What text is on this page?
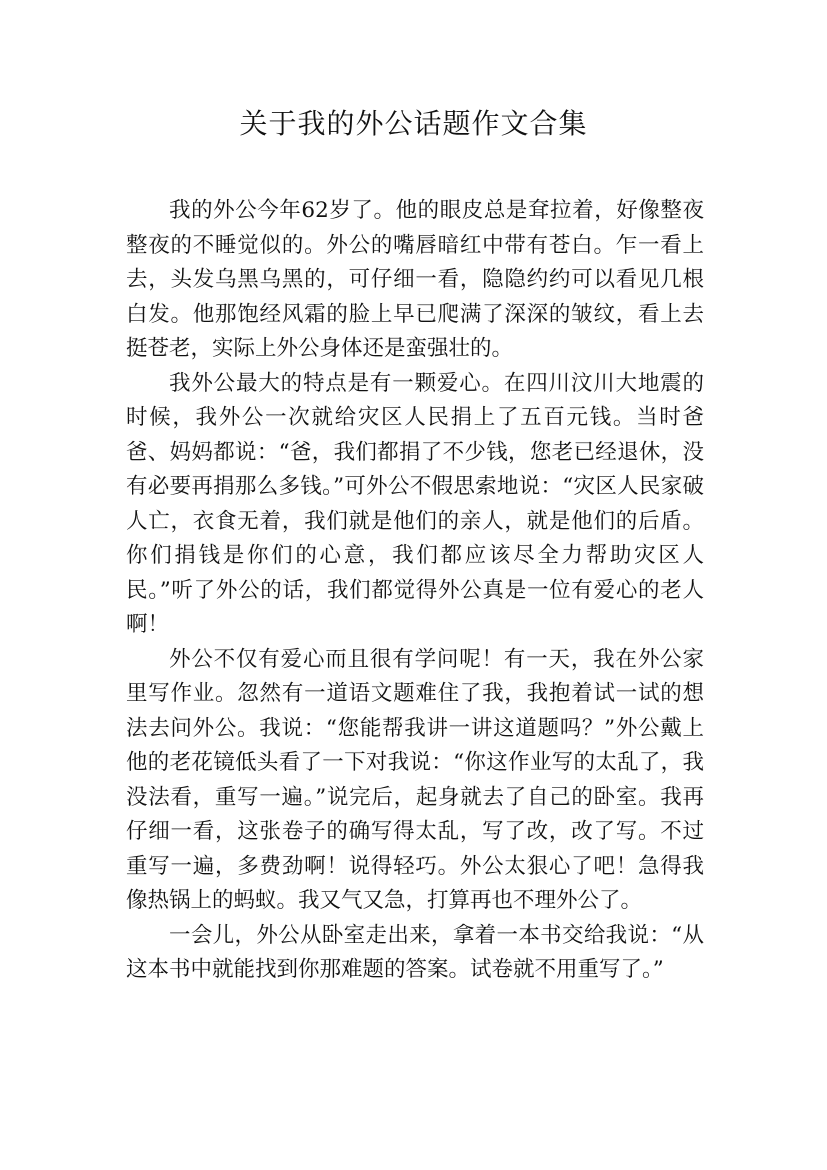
关于我的外公话题作文合集

我的外公今年62岁了。他的眼皮总是耷拉着，好像整夜整夜的不睡觉似的。外公的嘴唇暗红中带有苍白。乍一看上去，头发乌黑乌黑的，可仔细一看，隐隐约约可以看见几根白发。他那饱经风霜的脸上早已爬满了深深的皱纹，看上去挺苍老，实际上外公身体还是蛮强壮的。

我外公最大的特点是有一颗爱心。在四川汶川大地震的时候，我外公一次就给灾区人民捐上了五百元钱。当时爸爸、妈妈都说：“爸，我们都捐了不少钱，您老已经退休，没有必要再捐那么多钱。”可外公不假思索地说：“灾区人民家破人亡，衣食无着，我们就是他们的亲人，就是他们的后盾。你们捐钱是你们的心意，我们都应该尽全力帮助灾区人民。”听了外公的话，我们都觉得外公真是一位有爱心的老人啊！

外公不仅有爱心而且很有学问呢！有一天，我在外公家里写作业。忽然有一道语文题难住了我，我抱着试一试的想法去问外公。我说：“您能帮我讲一讲这道题吗？”外公戴上他的老花镜低头看了一下对我说：“你这作业写的太乱了，我没法看，重写一遍。”说完后，起身就去了自己的卧室。我再仔细一看，这张卷子的确写得太乱，写了改，改了写。不过重写一遍，多费劲啊！说得轻巧。外公太狠心了吧！急得我像热锅上的蚂蚁。我又气又急，打算再也不理外公了。

一会儿，外公从卧室走出来，拿着一本书交给我说：“从这本书中就能找到你那难题的答案。试卷就不用重写了。”
